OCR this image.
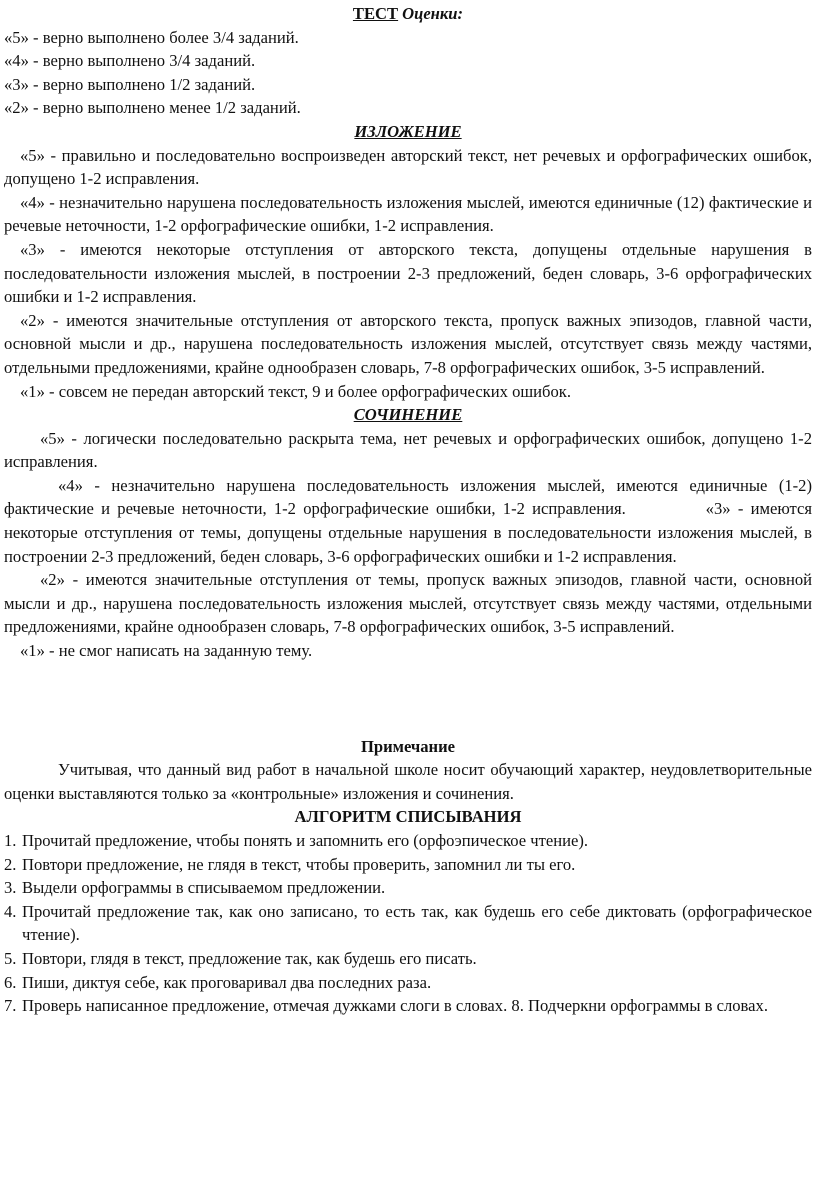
ТЕСТ Оценки:

«5» - верно выполнено более 3/4 заданий.

«4» - верно выполнено 3/4 заданий.

«3» - верно выполнено 1/2 заданий.

«2» - верно выполнено менее 1/2 заданий.

ИЗЛОЖЕНИЕ

«5» - правильно и последовательно воспроизведен авторский текст, нет речевых и орфографических ошибок, допущено 1-2 исправления.

«4» - незначительно нарушена последовательность изложения мыслей, имеются единичные (12) фактические и речевые неточности, 1-2 орфографические ошибки, 1-2 исправления.

«3» - имеются некоторые отступления от авторского текста, допущены отдельные нарушения в последовательности изложения мыслей, в построении 2-3 предложений, беден словарь, 3-6 орфографических ошибки и 1-2 исправления.

«2» - имеются значительные отступления от авторского текста, пропуск важных эпизодов, главной части, основной мысли и др., нарушена последовательность изложения мыслей, отсутствует связь между частями, отдельными предложениями, крайне однообразен словарь, 7-8 орфографических ошибок, 3-5 исправлений.

«1» - совсем не передан авторский текст, 9 и более орфографических ошибок.

СОЧИНЕНИЕ

«5» - логически последовательно раскрыта тема, нет речевых и орфографических ошибок, допущено 1-2 исправления.

«4» - незначительно нарушена последовательность изложения мыслей, имеются единичные (1-2) фактические и речевые неточности, 1-2 орфографические ошибки, 1-2 исправления.           «3» - имеются некоторые отступления от темы, допущены отдельные нарушения в последовательности изложения мыслей, в построении 2-3 предложений, беден словарь, 3-6 орфографических ошибки и 1-2 исправления.

«2» - имеются значительные отступления от темы, пропуск важных эпизодов, главной части, основной мысли и др., нарушена последовательность изложения мыслей, отсутствует связь между частями, отдельными предложениями, крайне однообразен словарь, 7-8 орфографических ошибок, 3-5 исправлений.

«1» - не смог написать на заданную тему.

Примечание

Учитывая, что данный вид работ в начальной школе носит обучающий характер, неудовлетворительные оценки выставляются только за «контрольные» изложения и сочинения.

АЛГОРИТМ СПИСЫВАНИЯ

1. Прочитай предложение, чтобы понять и запомнить его (орфоэпическое чтение).
2. Повтори предложение, не глядя в текст, чтобы проверить, запомнил ли ты его.
3. Выдели орфограммы в списываемом предложении.
4. Прочитай предложение так, как оно записано, то есть так, как будешь его себе диктовать (орфографическое чтение).
5. Повтори, глядя в текст, предложение так, как будешь его писать.
6. Пиши, диктуя себе, как проговаривал два последних раза.
7. Проверь написанное предложение, отмечая дужками слоги в словах. 8. Подчеркни орфограммы в словах.
